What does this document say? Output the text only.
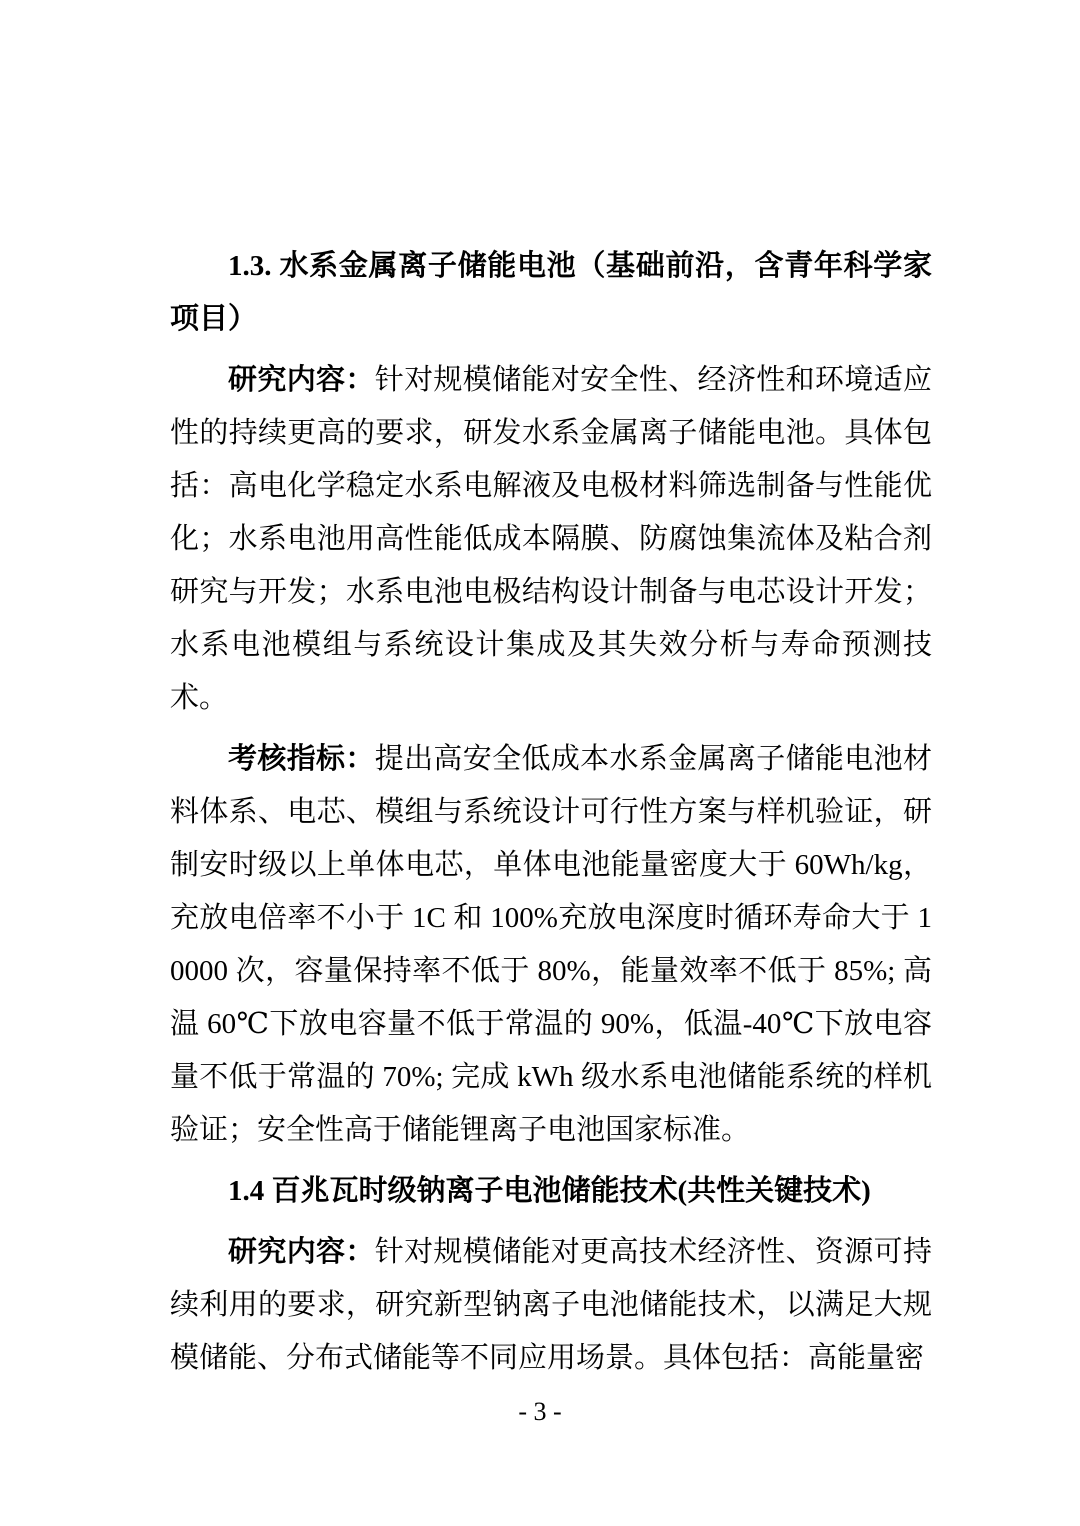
1.3. 水系金属离子储能电池（基础前沿，含青年科学家项目）

研究内容：针对规模储能对安全性、经济性和环境适应性的持续更高的要求，研发水系金属离子储能电池。具体包括：高电化学稳定水系电解液及电极材料筛选制备与性能优化；水系电池用高性能低成本隔膜、防腐蚀集流体及粘合剂研究与开发；水系电池电极结构设计制备与电芯设计开发；水系电池模组与系统设计集成及其失效分析与寿命预测技术。

考核指标：提出高安全低成本水系金属离子储能电池材料体系、电芯、模组与系统设计可行性方案与样机验证，研制安时级以上单体电芯，单体电池能量密度大于 60Wh/kg，充放电倍率不小于 1C 和 100%充放电深度时循环寿命大于 10000 次，容量保持率不低于 80%，能量效率不低于 85%; 高温 60℃下放电容量不低于常温的 90%，低温-40℃下放电容量不低于常温的 70%; 完成 kWh 级水系电池储能系统的样机验证；安全性高于储能锂离子电池国家标准。

1.4 百兆瓦时级钠离子电池储能技术(共性关键技术)

研究内容：针对规模储能对更高技术经济性、资源可持续利用的要求，研究新型钠离子电池储能技术，以满足大规模储能、分布式储能等不同应用场景。具体包括：高能量密

- 3 -
